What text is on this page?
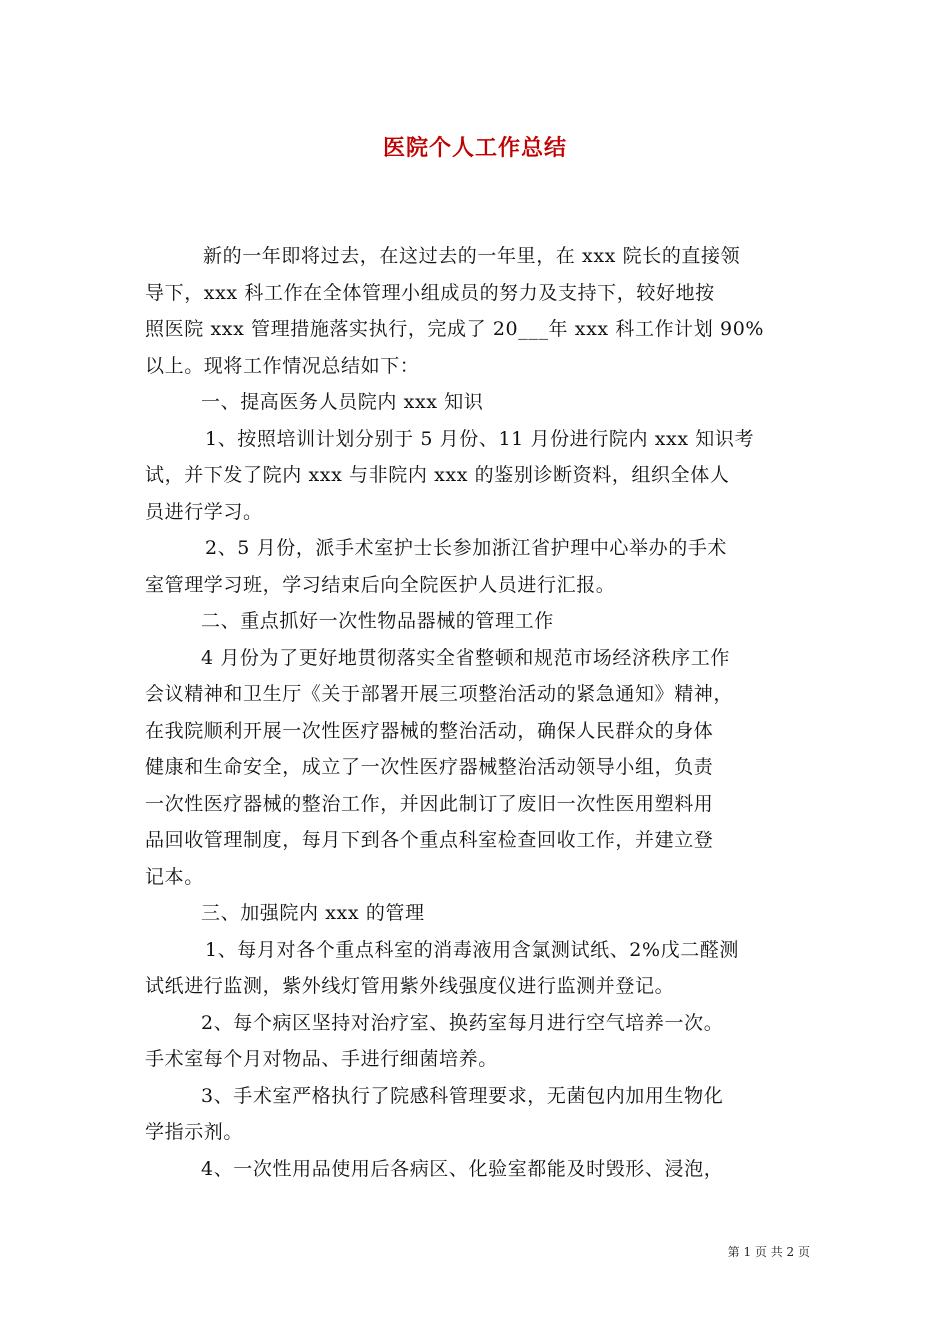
医院个人工作总结
新的一年即将过去，在这过去的一年里，在 xxx 院长的直接领
导下，xxx 科工作在全体管理小组成员的努力及支持下，较好地按
照医院 xxx 管理措施落实执行，完成了 20___年 xxx 科工作计划 90%
以上。现将工作情况总结如下：
一、提高医务人员院内 xxx 知识
1、按照培训计划分别于 5 月份、11 月份进行院内 xxx 知识考
试，并下发了院内 xxx 与非院内 xxx 的鉴别诊断资料，组织全体人
员进行学习。
2、5 月份，派手术室护士长参加浙江省护理中心举办的手术
室管理学习班，学习结束后向全院医护人员进行汇报。
二、重点抓好一次性物品器械的管理工作
4 月份为了更好地贯彻落实全省整顿和规范市场经济秩序工作
会议精神和卫生厅《关于部署开展三项整治活动的紧急通知》精神，
在我院顺利开展一次性医疗器械的整治活动，确保人民群众的身体
健康和生命安全，成立了一次性医疗器械整治活动领导小组，负责
一次性医疗器械的整治工作，并因此制订了废旧一次性医用塑料用
品回收管理制度，每月下到各个重点科室检查回收工作，并建立登
记本。
三、加强院内 xxx 的管理
1、每月对各个重点科室的消毒液用含氯测试纸、2%戊二醛测
试纸进行监测，紫外线灯管用紫外线强度仪进行监测并登记。
2、每个病区坚持对治疗室、换药室每月进行空气培养一次。
手术室每个月对物品、手进行细菌培养。
3、手术室严格执行了院感科管理要求，无菌包内加用生物化
学指示剂。
4、一次性用品使用后各病区、化验室都能及时毁形、浸泡，
第 1 页 共 2 页
